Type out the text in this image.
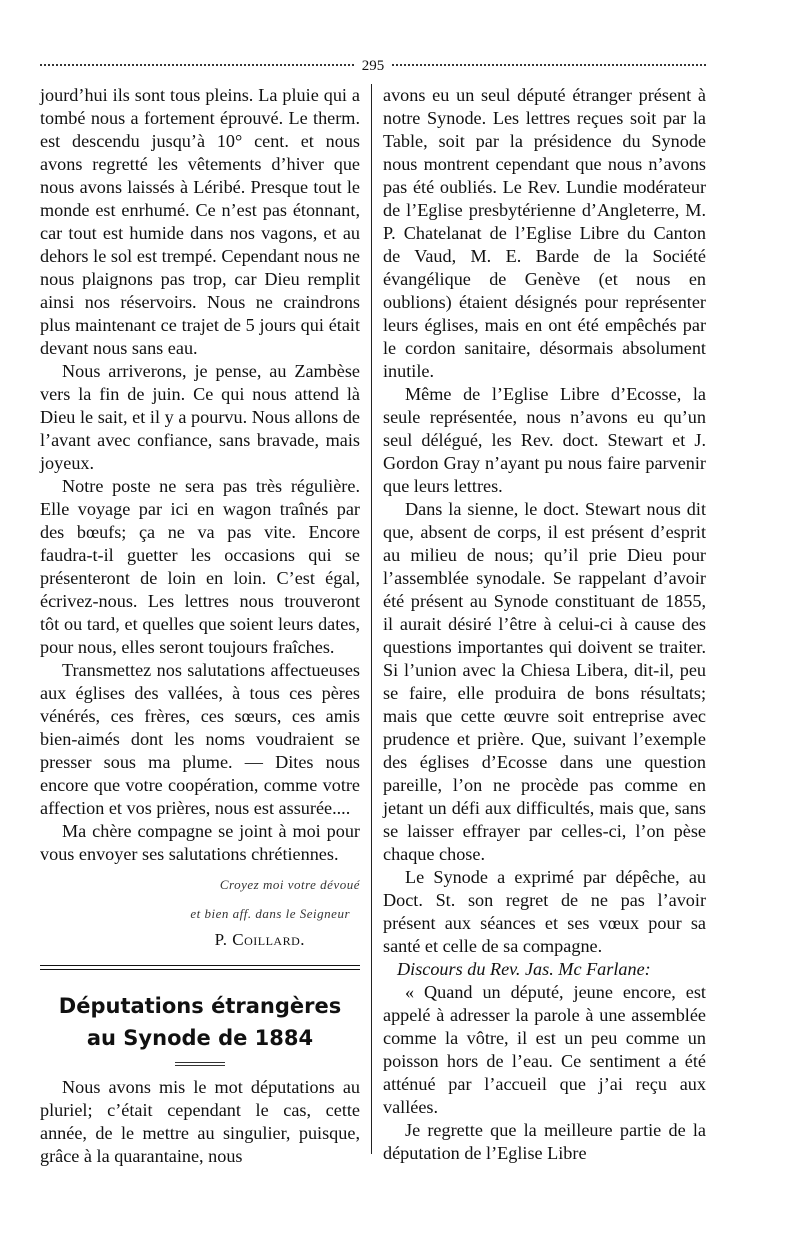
295

jourd’hui ils sont tous pleins. La pluie qui a tombé nous a fortement éprouvé. Le therm. est descendu jusqu’à 10° cent. et nous avons regretté les vêtements d’hiver que nous avons laissés à Léribé. Presque tout le monde est enrhumé. Ce n’est pas étonnant, car tout est humide dans nos vagons, et au dehors le sol est trempé. Cependant nous ne nous plaignons pas trop, car Dieu remplit ainsi nos réservoirs. Nous ne craindrons plus maintenant ce trajet de 5 jours qui était devant nous sans eau.

Nous arriverons, je pense, au Zambèse vers la fin de juin. Ce qui nous attend là Dieu le sait, et il y a pourvu. Nous allons de l’avant avec confiance, sans bravade, mais joyeux.

Notre poste ne sera pas très régulière. Elle voyage par ici en wagon traînés par des bœufs; ça ne va pas vite. Encore faudra-t-il guetter les occasions qui se présenteront de loin en loin. C’est égal, écrivez-nous. Les lettres nous trouveront tôt ou tard, et quelles que soient leurs dates, pour nous, elles seront toujours fraîches.

Transmettez nos salutations affectueuses aux églises des vallées, à tous ces pères vénérés, ces frères, ces sœurs, ces amis bien-aimés dont les noms voudraient se presser sous ma plume. — Dites nous encore que votre coopération, comme votre affection et vos prières, nous est assurée....

Ma chère compagne se joint à moi pour vous envoyer ses salutations chrétiennes.

Croyez moi votre dévoué
et bien aff. dans le Seigneur
P. Coillard.
Députations étrangères
au Synode de 1884

Nous avons mis le mot députations au pluriel; c’était cependant le cas, cette année, de le mettre au singulier, puisque, grâce à la quarantaine, nous

avons eu un seul député étranger présent à notre Synode. Les lettres reçues soit par la Table, soit par la présidence du Synode nous montrent cependant que nous n’avons pas été oubliés. Le Rev. Lundie modérateur de l’Eglise presbytérienne d’Angleterre, M. P. Chatelanat de l’Eglise Libre du Canton de Vaud, M. E. Barde de la Société évangélique de Genève (et nous en oublions) étaient désignés pour représenter leurs églises, mais en ont été empêchés par le cordon sanitaire, désormais absolument inutile.

Même de l’Eglise Libre d’Ecosse, la seule représentée, nous n’avons eu qu’un seul délégué, les Rev. doct. Stewart et J. Gordon Gray n’ayant pu nous faire parvenir que leurs lettres.

Dans la sienne, le doct. Stewart nous dit que, absent de corps, il est présent d’esprit au milieu de nous; qu’il prie Dieu pour l’assemblée synodale. Se rappelant d’avoir été présent au Synode constituant de 1855, il aurait désiré l’être à celui-ci à cause des questions importantes qui doivent se traiter. Si l’union avec la Chiesa Libera, dit-il, peu se faire, elle produira de bons résultats; mais que cette œuvre soit entreprise avec prudence et prière. Que, suivant l’exemple des églises d’Ecosse dans une question pareille, l’on ne procède pas comme en jetant un défi aux difficultés, mais que, sans se laisser effrayer par celles-ci, l’on pèse chaque chose.

Le Synode a exprimé par dépêche, au Doct. St. son regret de ne pas l’avoir présent aux séances et ses vœux pour sa santé et celle de sa compagne.

Discours du Rev. Jas. Mc Farlane:

« Quand un député, jeune encore, est appelé à adresser la parole à une assemblée comme la vôtre, il est un peu comme un poisson hors de l’eau. Ce sentiment a été atténué par l’accueil que j’ai reçu aux vallées.

Je regrette que la meilleure partie de la députation de l’Eglise Libre
